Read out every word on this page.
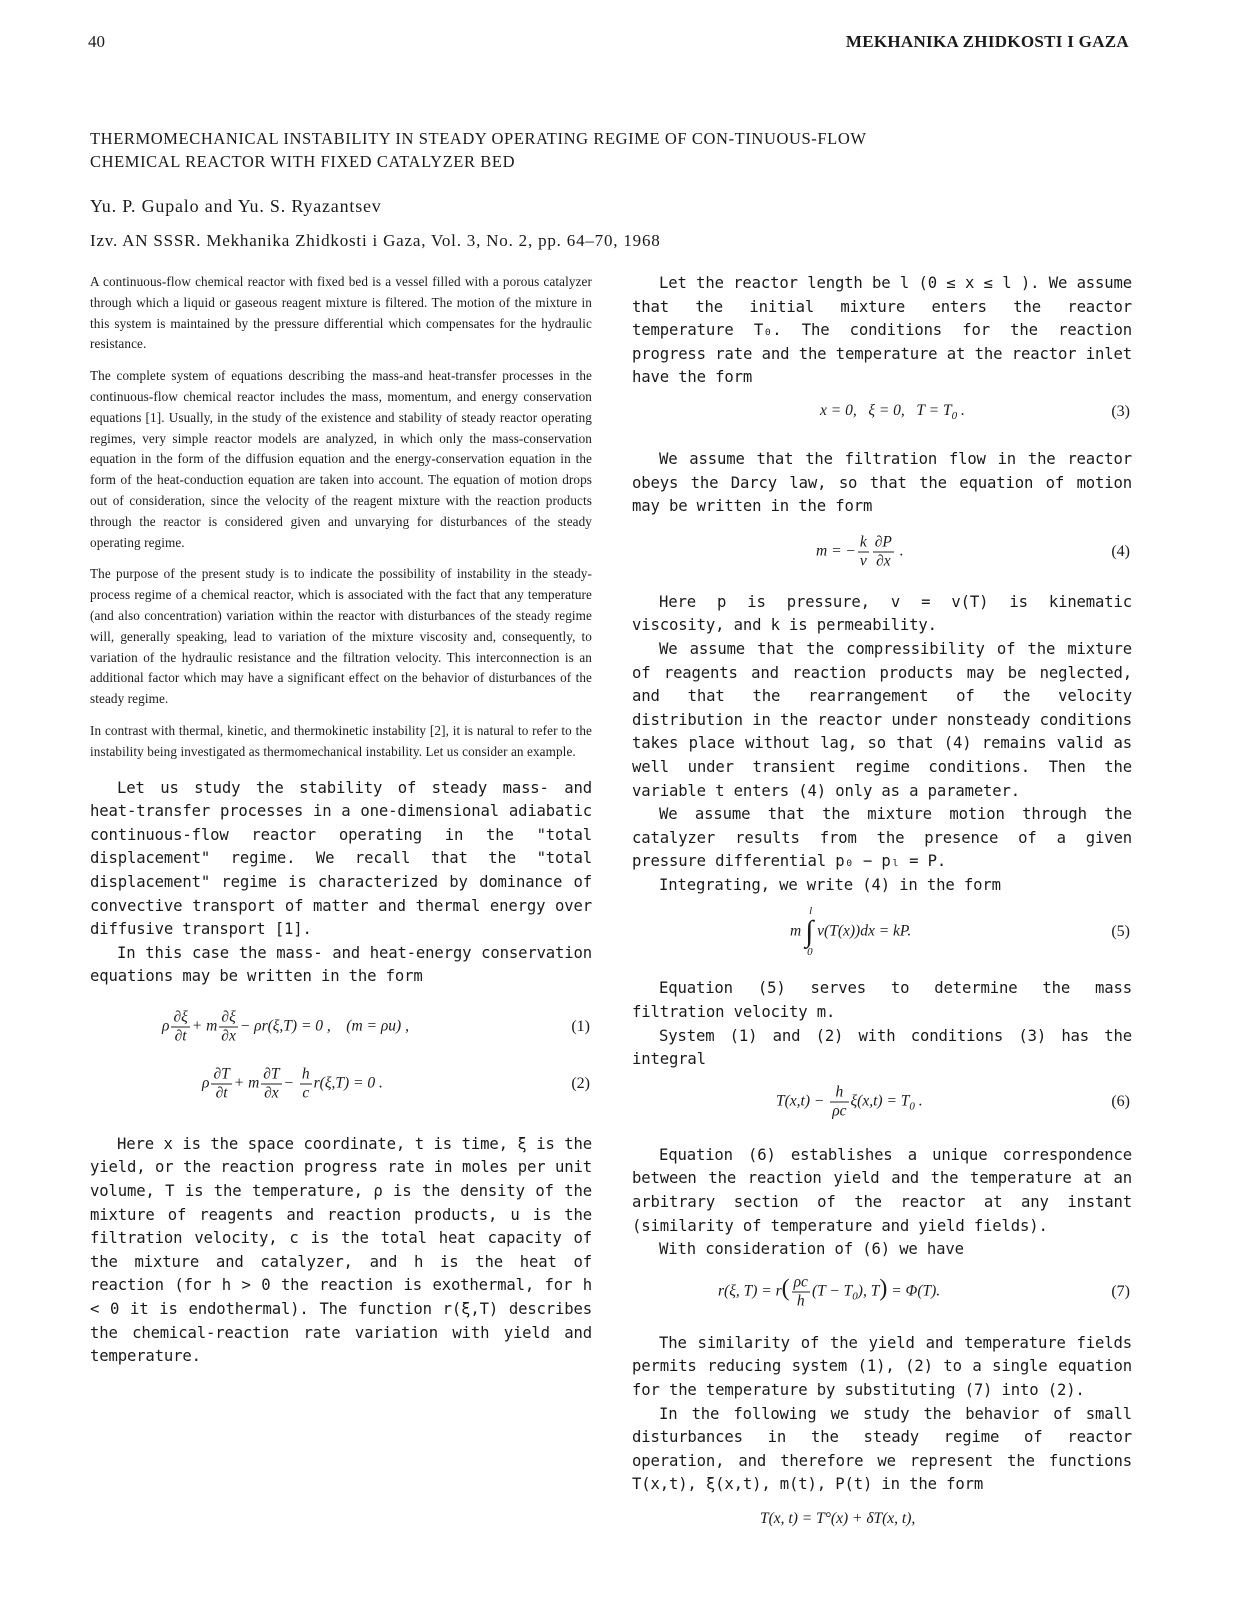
40	MEKHANIKA ZHIDKOSTI I GAZA
THERMOMECHANICAL INSTABILITY IN STEADY OPERATING REGIME OF CON-TINUOUS-FLOW CHEMICAL REACTOR WITH FIXED CATALYZER BED
Yu. P. Gupalo and Yu. S. Ryazantsev
Izv. AN SSSR. Mekhanika Zhidkosti i Gaza, Vol. 3, No. 2, pp. 64–70, 1968

A continuous-flow chemical reactor with fixed bed is a vessel filled with a porous catalyzer through which a liquid or gaseous reagent mixture is filtered. The motion of the mixture in this system is maintained by the pressure differential which compensates for the hydraulic resistance.

The complete system of equations describing the mass-and heat-transfer processes in the continuous-flow chemical reactor includes the mass, momentum, and energy conservation equations [1]. Usually, in the study of the existence and stability of steady reactor operating regimes, very simple reactor models are analyzed, in which only the mass-conservation equation in the form of the diffusion equation and the energy-conservation equation in the form of the heat-conduction equation are taken into account. The equation of motion drops out of consideration, since the velocity of the reagent mixture with the reaction products through the reactor is considered given and unvarying for disturbances of the steady operating regime.

The purpose of the present study is to indicate the possibility of instability in the steady-process regime of a chemical reactor, which is associated with the fact that any temperature (and also concentration) variation within the reactor with disturbances of the steady regime will, generally speaking, lead to variation of the mixture viscosity and, consequently, to variation of the hydraulic resistance and the filtration velocity. This interconnection is an additional factor which may have a significant effect on the behavior of disturbances of the steady regime.

In contrast with thermal, kinetic, and thermokinetic instability [2], it is natural to refer to the instability being investigated as thermomechanical instability. Let us consider an example.

Let us study the stability of steady mass- and heat-transfer processes in a one-dimensional adiabatic continuous-flow reactor operating in the "total displacement" regime. We recall that the "total displacement" regime is characterized by dominance of convective transport of matter and thermal energy over diffusive transport [1].

In this case the mass- and heat-energy conservation equations may be written in the form

ρ $\frac{\partial\xi}{\partial t} + m \frac{\partial\xi}{\partial x} - \rho r(\xi,T) = 0$ ,    (m = ρu) ,	(1)
ρ $\frac{\partial T}{\partial t} + m \frac{\partial T}{\partial x} - \frac{h}{c} r(\xi,T) = 0$ .	(2)

Here x is the space coordinate, t is time, ξ is the yield, or the reaction progress rate in moles per unit volume, T is the temperature, ρ is the density of the mixture of reagents and reaction products, u is the filtration velocity, c is the total heat capacity of the mixture and catalyzer, and h is the heat of reaction (for h > 0 the reaction is exothermal, for h < 0 it is endothermal). The function r(ξ,T) describes the chemical-reaction rate variation with yield and temperature.

Let the reactor length be l (0 ≤ x ≤ l ). We assume that the initial mixture enters the reactor temperature T₀. The conditions for the reaction progress rate and the temperature at the reactor inlet have the form

x = 0,   ξ = 0,   $T = T_0$ .	(3)

We assume that the filtration flow in the reactor obeys the Darcy law, so that the equation of motion may be written in the form

m = − $\frac{k}{\nu} \frac{\partial P}{\partial x}$ .	(4)

Here p is pressure, v = v(T) is kinematic viscosity, and k is permeability.

We assume that the compressibility of the mixture of reagents and reaction products may be neglected, and that the rearrangement of the velocity distribution in the reactor under nonsteady conditions takes place without lag, so that (4) remains valid as well under transient regime conditions. Then the variable t enters (4) only as a parameter.

We assume that the mixture motion through the catalyzer results from the presence of a given pressure differential p₀ − pₗ = P.

Integrating, we write (4) in the form

m ∫
l
0
ν(T(x))dx = kP.	(5)

Equation (5) serves to determine the mass filtration velocity m.

System (1) and (2) with conditions (3) has the integral

$T(x,t) - \frac{h}{\rho c} \xi(x,t) = T_0$ .	(6)

Equation (6) establishes a unique correspondence between the reaction yield and the temperature at an arbitrary section of the reactor at any instant (similarity of temperature and yield fields).

With consideration of (6) we have

r(ξ, $T) = r( \frac{\rho c}{h} (T - T_0)$, T) = Φ(T).	(7)

The similarity of the yield and temperature fields permits reducing system (1), (2) to a single equation for the temperature by substituting (7) into (2).

In the following we study the behavior of small disturbances in the steady regime of reactor operation, and therefore we represent the functions T(x,t), ξ(x,t), m(t), P(t) in the form

T(x, t) = T°(x) + δT(x, t),
